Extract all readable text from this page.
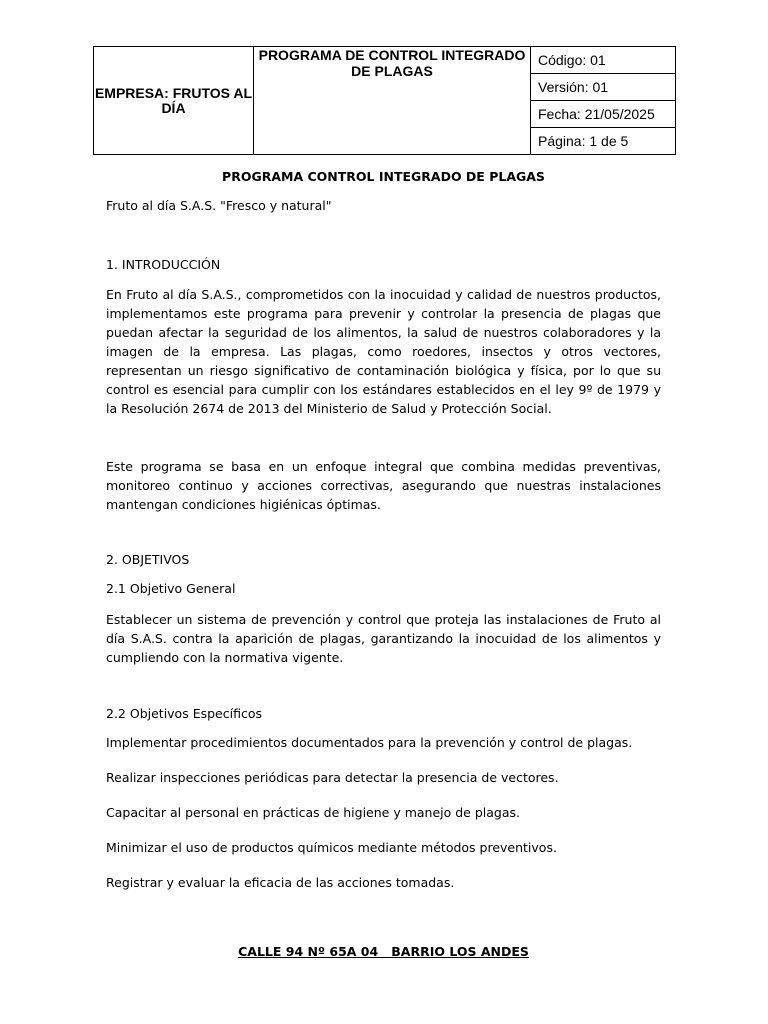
EMPRESA: FRUTOS AL DÍA	PROGRAMA DE CONTROL INTEGRADO DE PLAGAS	Código: 01
Versión: 01
Fecha: 21/05/2025
Página: 1 de 5

PROGRAMA CONTROL INTEGRADO DE PLAGAS

Fruto al día S.A.S. "Fresco y natural"

1. INTRODUCCIÓN

En Fruto al día S.A.S., comprometidos con la inocuidad y calidad de nuestros productos, implementamos este programa para prevenir y controlar la presencia de plagas que puedan afectar la seguridad de los alimentos, la salud de nuestros colaboradores y la imagen de la empresa. Las plagas, como roedores, insectos y otros vectores, representan un riesgo significativo de contaminación biológica y física, por lo que su control es esencial para cumplir con los estándares establecidos en el ley 9º de 1979 y la Resolución 2674 de 2013 del Ministerio de Salud y Protección Social.

Este programa se basa en un enfoque integral que combina medidas preventivas, monitoreo continuo y acciones correctivas, asegurando que nuestras instalaciones mantengan condiciones higiénicas óptimas.

2. OBJETIVOS

2.1 Objetivo General

Establecer un sistema de prevención y control que proteja las instalaciones de Fruto al día S.A.S. contra la aparición de plagas, garantizando la inocuidad de los alimentos y cumpliendo con la normativa vigente.

2.2 Objetivos Específicos

Implementar procedimientos documentados para la prevención y control de plagas.

Realizar inspecciones periódicas para detectar la presencia de vectores.

Capacitar al personal en prácticas de higiene y manejo de plagas.

Minimizar el uso de productos químicos mediante métodos preventivos.

Registrar y evaluar la eficacia de las acciones tomadas.

CALLE 94 Nº 65A 04   BARRIO LOS ANDES
